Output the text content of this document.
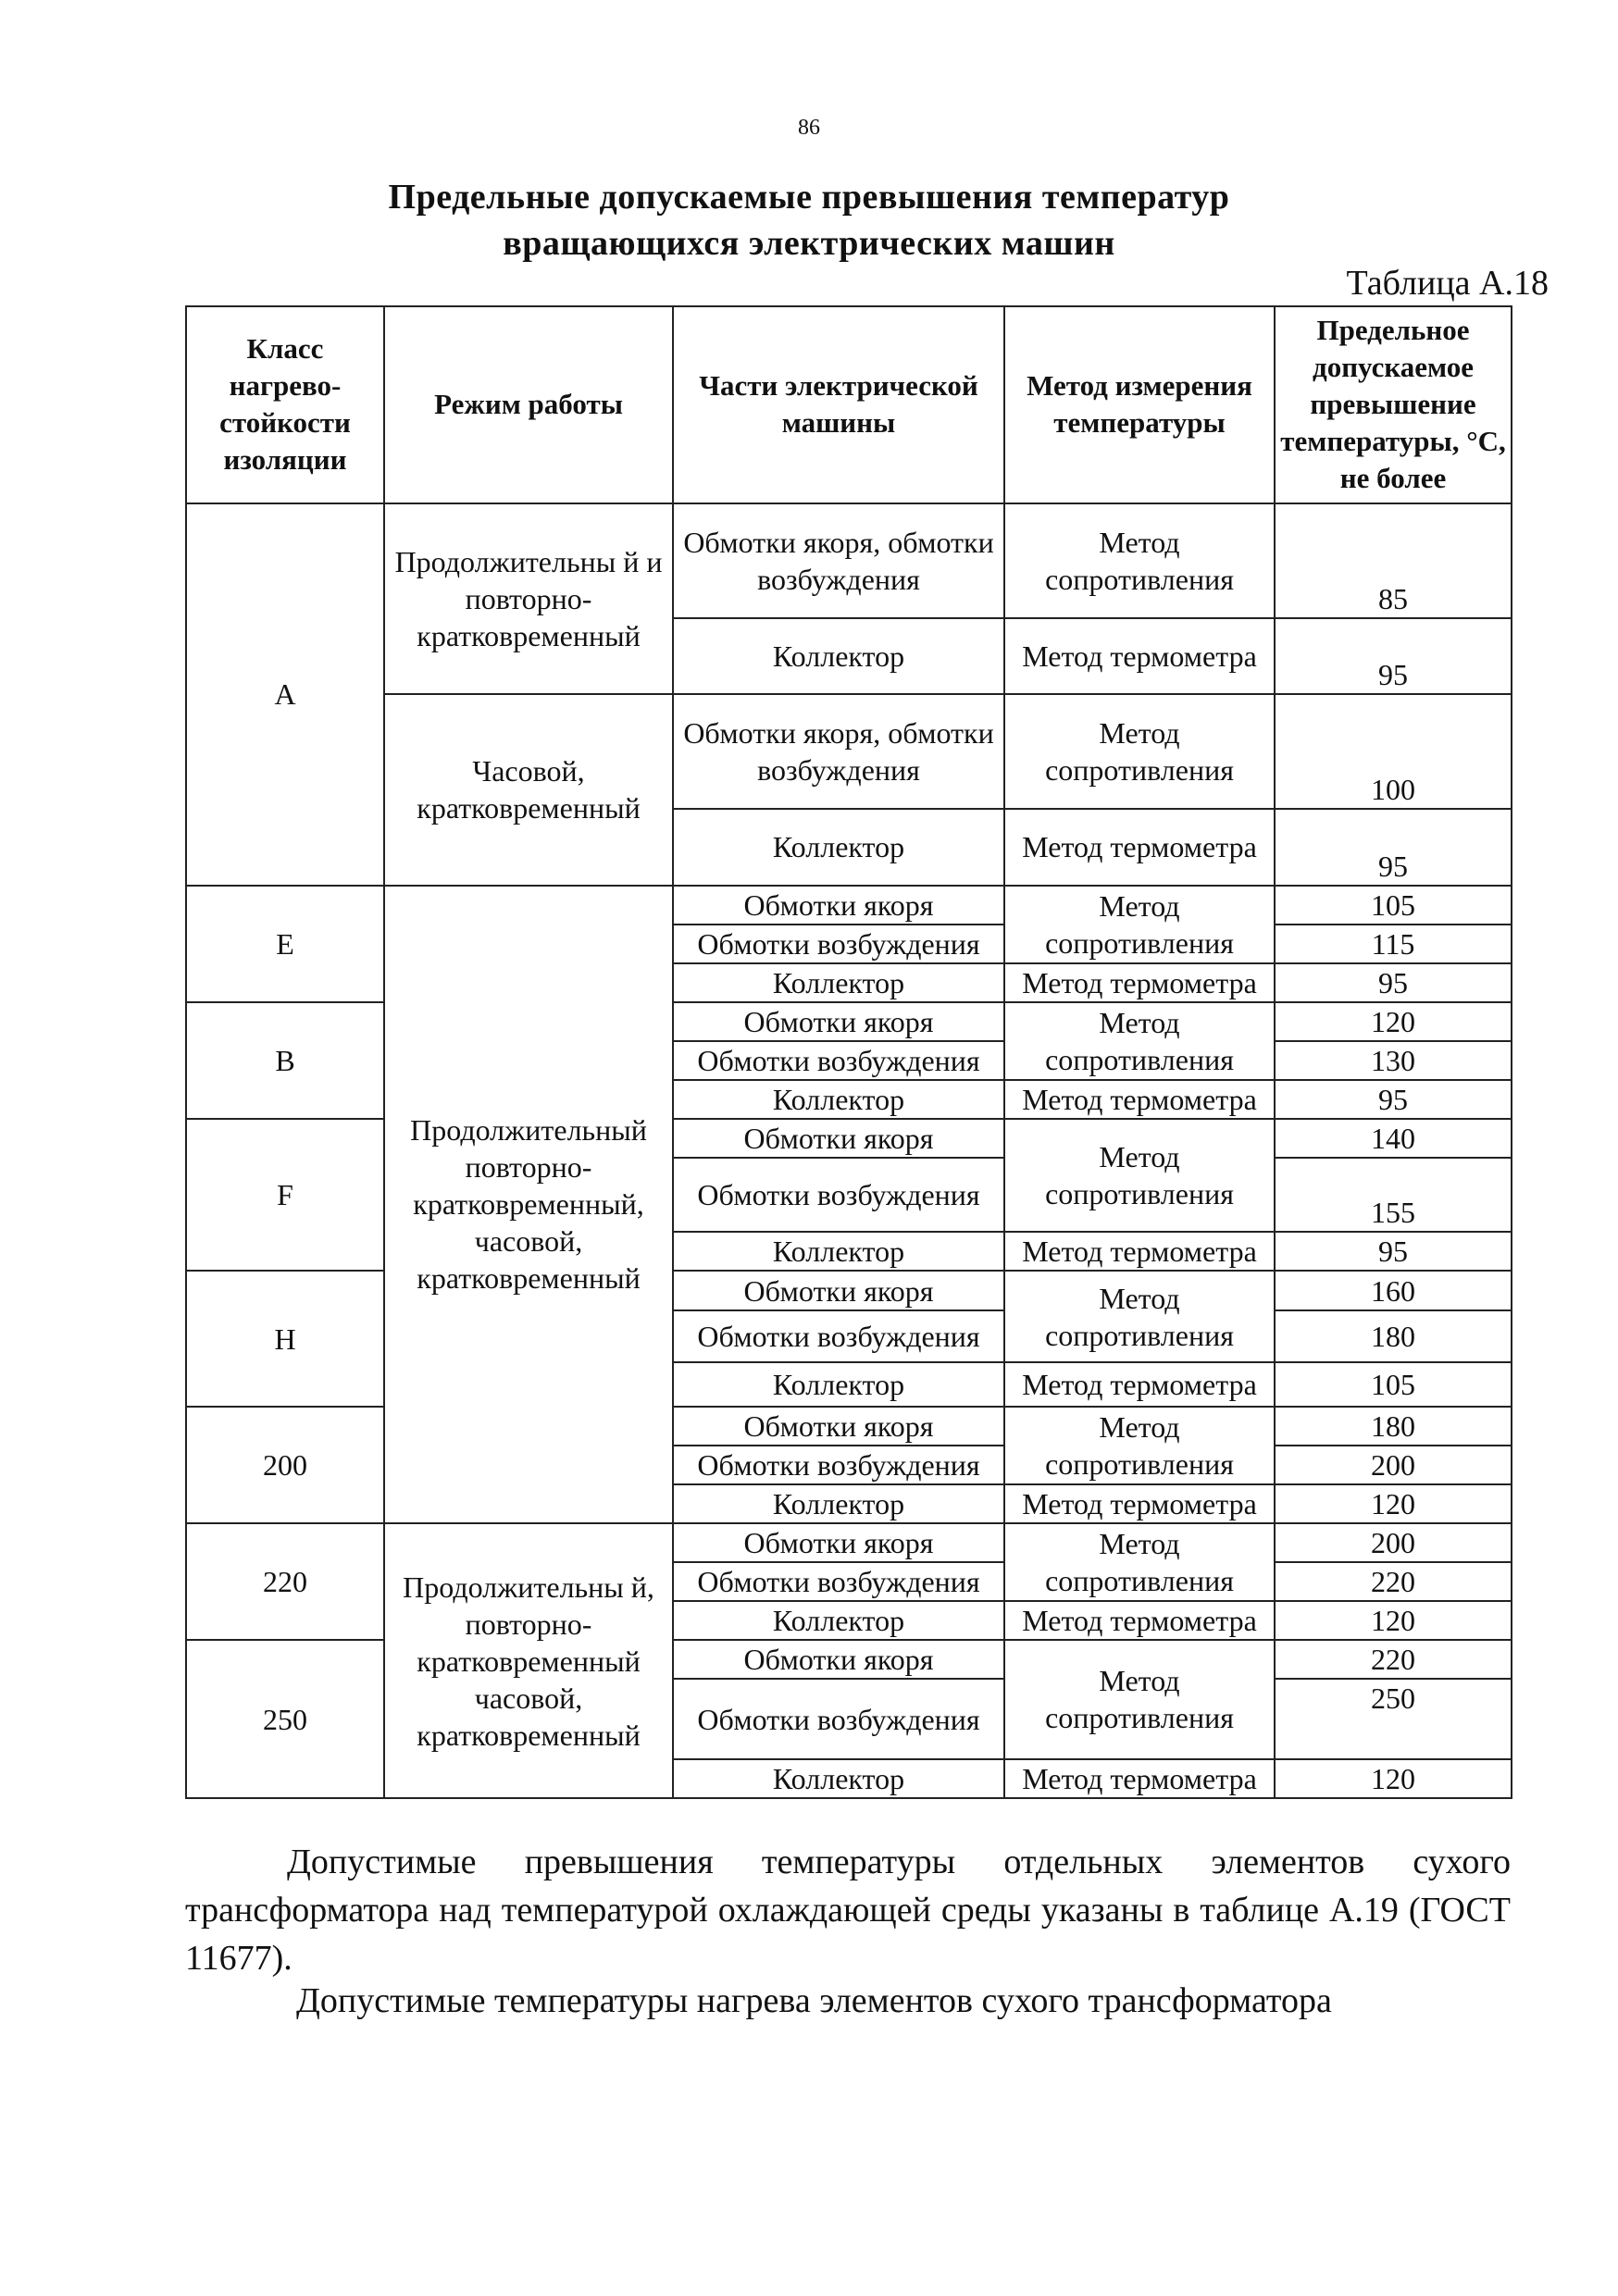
86
Предельные допускаемые превышения температур
вращающихся электрических машин
Таблица А.18
Класс нагрево-стойкости изоляции	Режим работы	Части электрической машины	Метод измерения температуры	Предельное допускаемое превышение температуры, °С, не более
A	Продолжительны й и повторно-кратковременный	Обмотки якоря, обмотки возбуждения	Метод сопротивления	85
		Коллектор	Метод термометра	95
	Часовой, кратковременный	Обмотки якоря, обмотки возбуждения	Метод сопротивления	100
		Коллектор	Метод термометра	95
E	Продолжительный повторно-кратковременный, часовой, кратковременный	Обмотки якоря	Метод сопротивления	105
		Обмотки возбуждения		115
		Коллектор	Метод термометра	95
B		Обмотки якоря	Метод сопротивления	120
		Обмотки возбуждения		130
		Коллектор	Метод термометра	95
F		Обмотки якоря	Метод сопротивления	140
		Обмотки возбуждения		155
		Коллектор	Метод термометра	95
H		Обмотки якоря	Метод сопротивления	160
		Обмотки возбуждения		180
		Коллектор	Метод термометра	105
200		Обмотки якоря	Метод сопротивления	180
		Обмотки возбуждения		200
		Коллектор	Метод термометра	120
220	Продолжительны й, повторно-кратковременный часовой, кратковременный	Обмотки якоря	Метод сопротивления	200
		Обмотки возбуждения		220
		Коллектор	Метод термометра	120
250		Обмотки якоря	Метод сопротивления	220
		Обмотки возбуждения		250
		Коллектор	Метод термометра	120
Допустимые превышения температуры отдельных элементов сухого трансформатора над температурой охлаждающей среды указаны в таблице А.19 (ГОСТ 11677).
Допустимые температуры нагрева элементов сухого трансформатора
